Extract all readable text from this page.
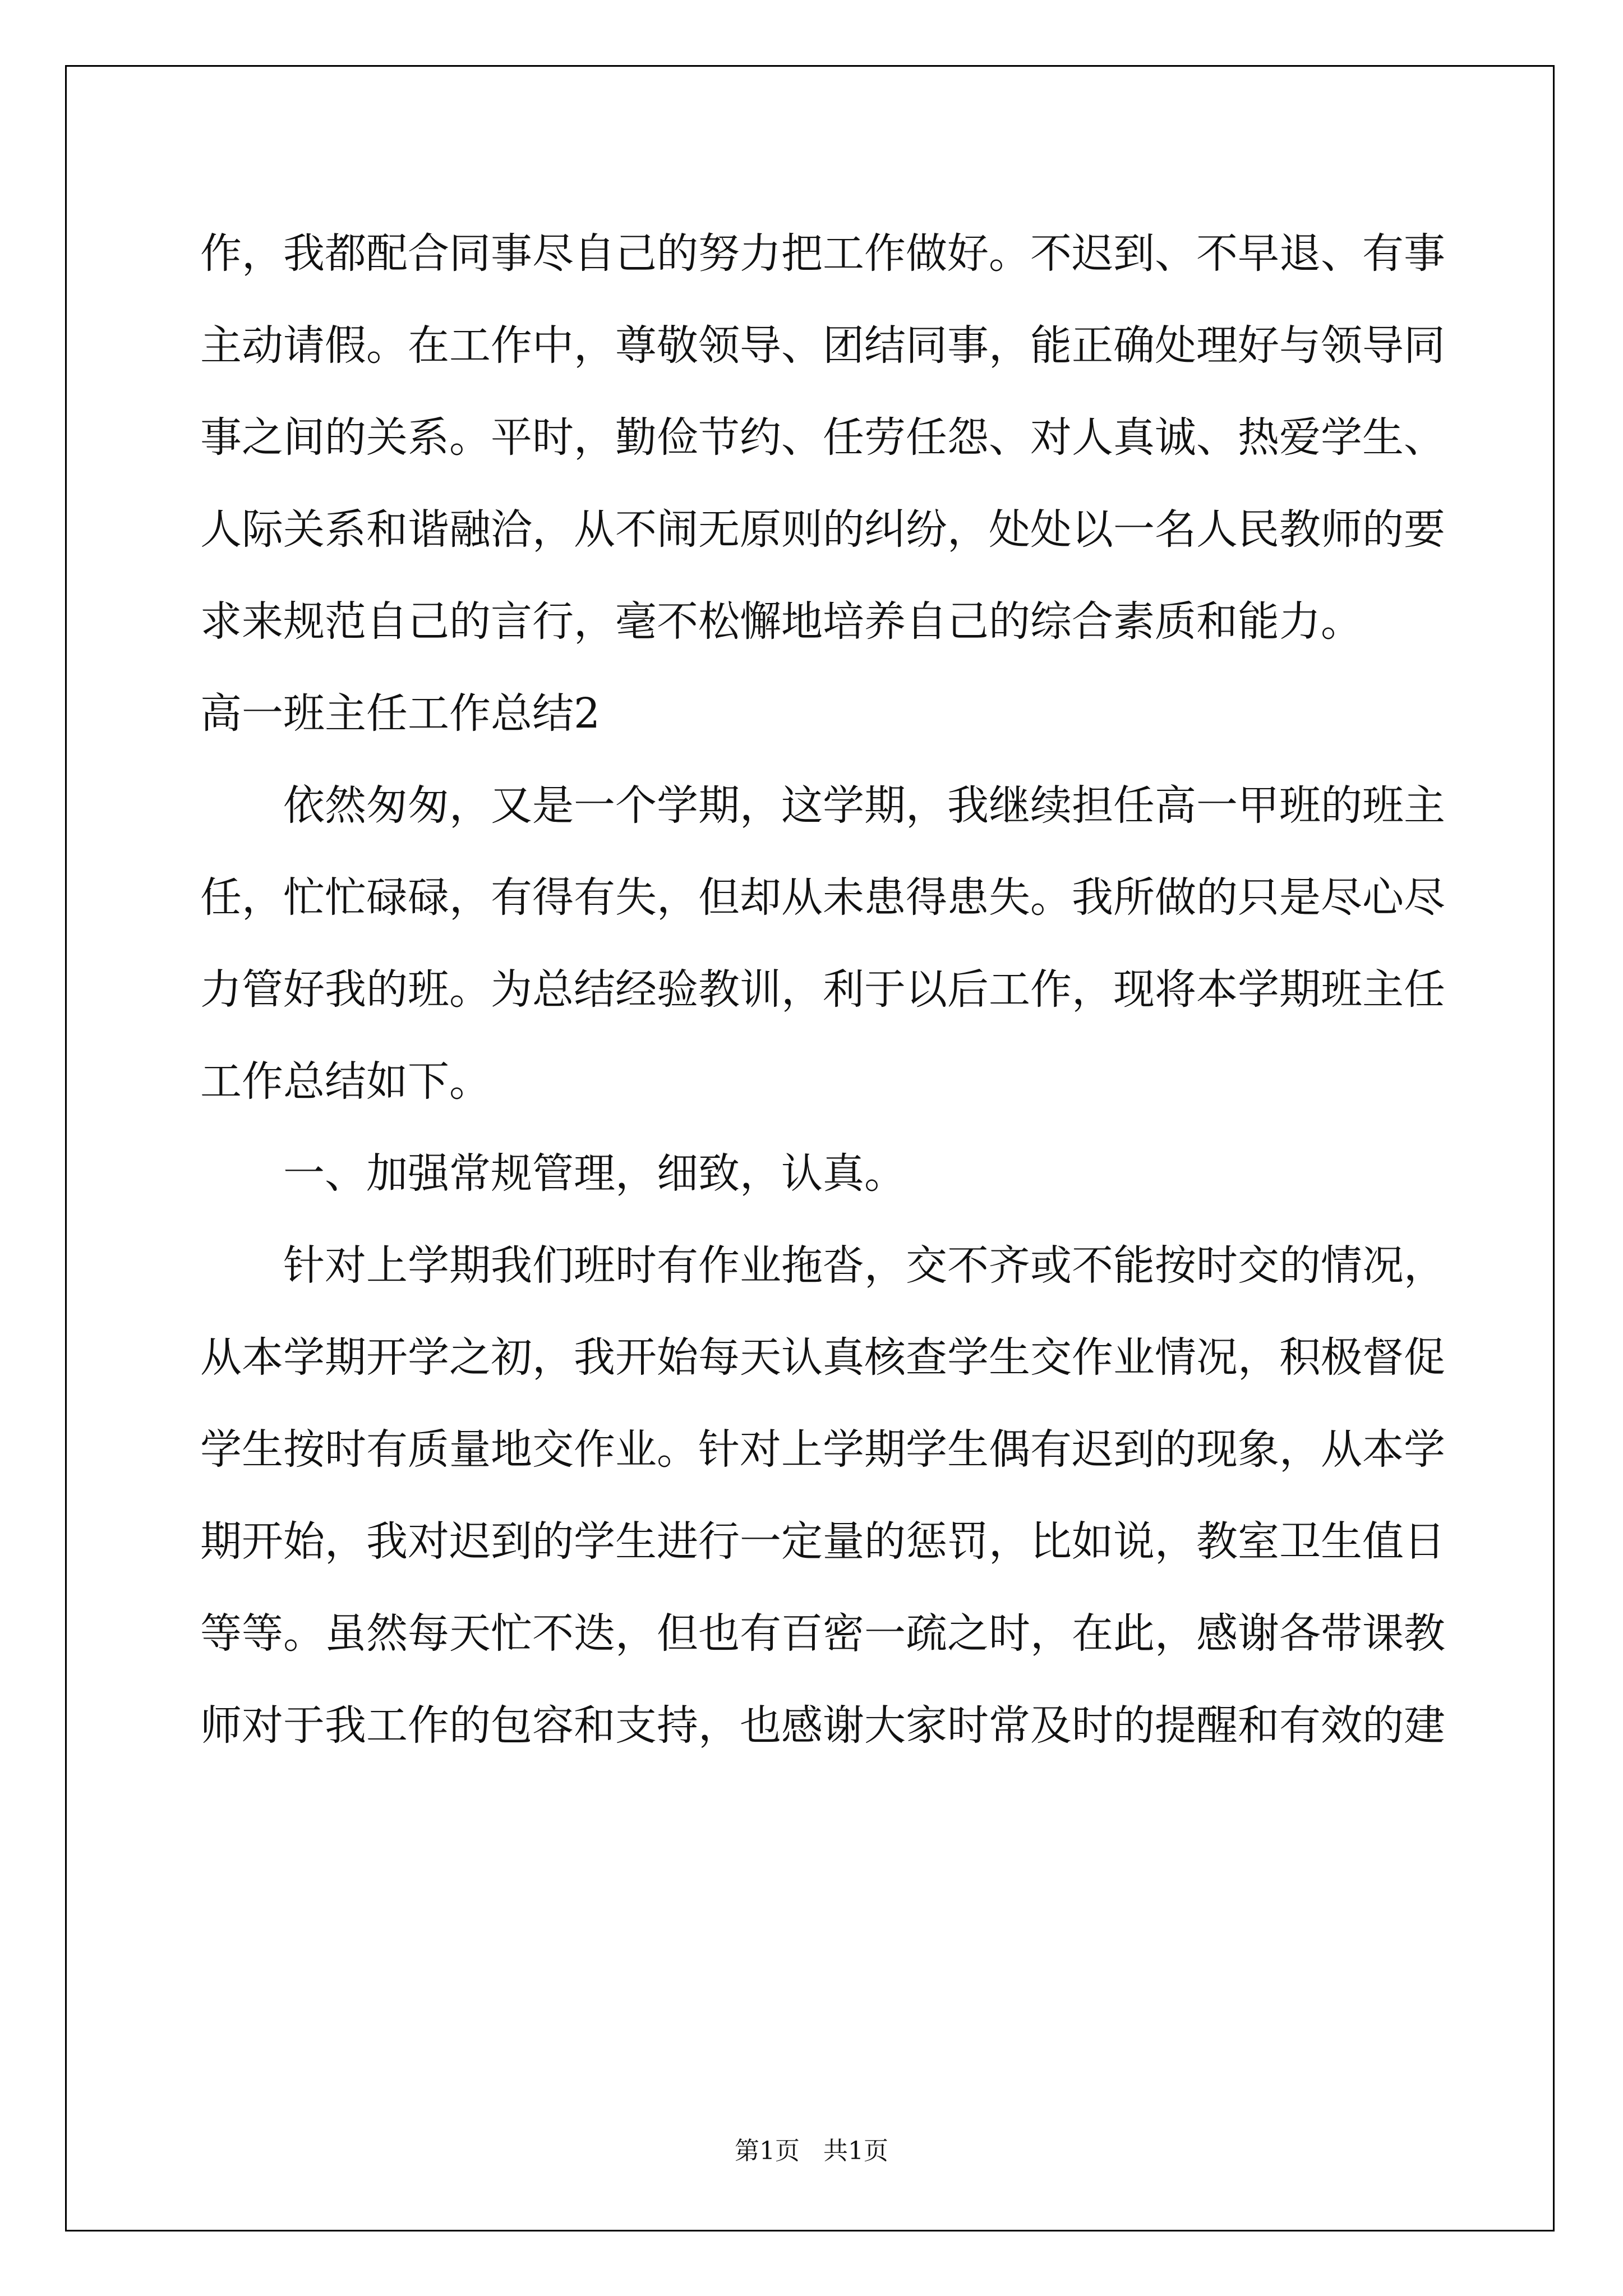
作，我都配合同事尽自己的努力把工作做好。不迟到、不早退、有事

主动请假。在工作中，尊敬领导、团结同事，能正确处理好与领导同

事之间的关系。平时，勤俭节约、任劳任怨、对人真诚、热爱学生、

人际关系和谐融洽，从不闹无原则的纠纷，处处以一名人民教师的要

求来规范自己的言行，毫不松懈地培养自己的综合素质和能力。

高一班主任工作总结2

依然匆匆，又是一个学期，这学期，我继续担任高一甲班的班主

任，忙忙碌碌，有得有失，但却从未患得患失。我所做的只是尽心尽

力管好我的班。为总结经验教训，利于以后工作，现将本学期班主任

工作总结如下。

一、加强常规管理，细致，认真。

针对上学期我们班时有作业拖沓，交不齐或不能按时交的情况，

从本学期开学之初，我开始每天认真核查学生交作业情况，积极督促

学生按时有质量地交作业。针对上学期学生偶有迟到的现象，从本学

期开始，我对迟到的学生进行一定量的惩罚，比如说，教室卫生值日

等等。虽然每天忙不迭，但也有百密一疏之时，在此，感谢各带课教

师对于我工作的包容和支持，也感谢大家时常及时的提醒和有效的建

第1页   共1页
